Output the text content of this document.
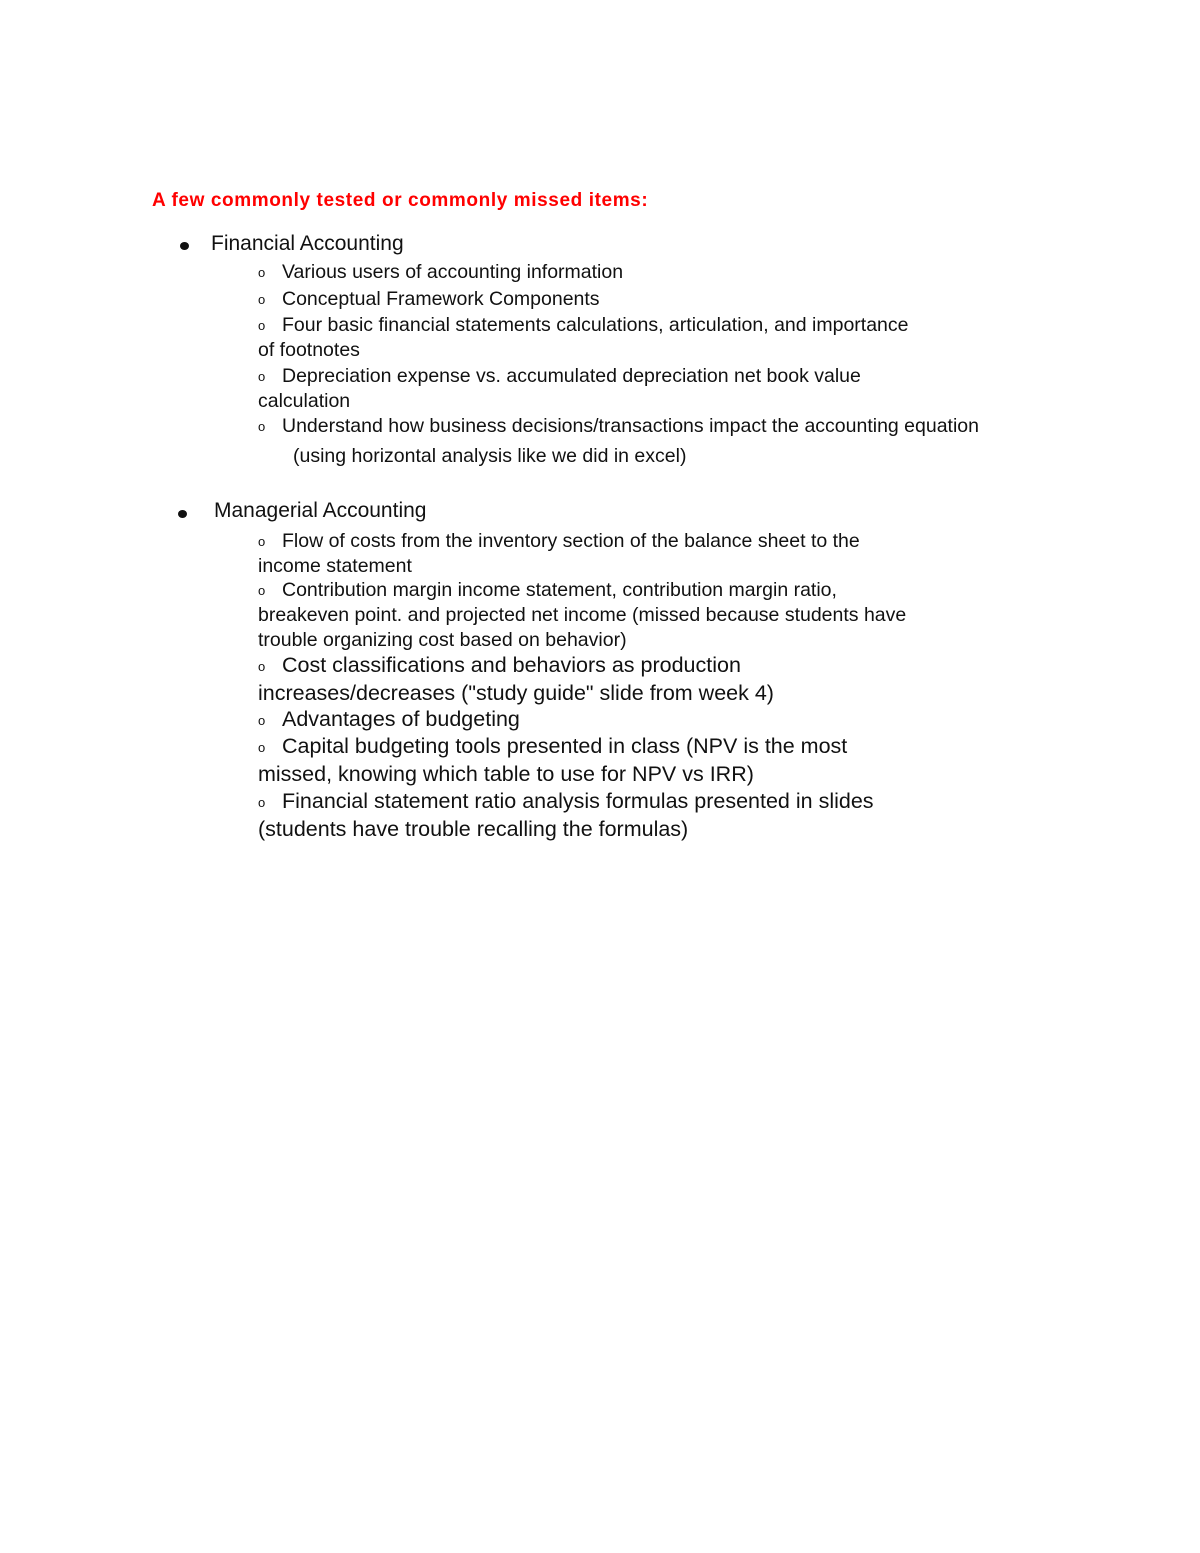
A few commonly tested or commonly missed items:
Financial Accounting
o Various users of accounting information
o Conceptual Framework Components
o Four basic financial statements calculations, articulation, and importance
of footnotes
o Depreciation expense vs. accumulated depreciation net book value
calculation
o Understand how business decisions/transactions impact the accounting equation
(using horizontal analysis like we did in excel)
Managerial Accounting
o Flow of costs from the inventory section of the balance sheet to the
income statement
o Contribution margin income statement, contribution margin ratio,
breakeven point. and projected net income (missed because students have
trouble organizing cost based on behavior)
o Cost classifications and behaviors as production
increases/decreases ("study guide" slide from week 4)
o Advantages of budgeting
o Capital budgeting tools presented in class (NPV is the most
missed, knowing which table to use for NPV vs IRR)
o Financial statement ratio analysis formulas presented in slides
(students have trouble recalling the formulas)
